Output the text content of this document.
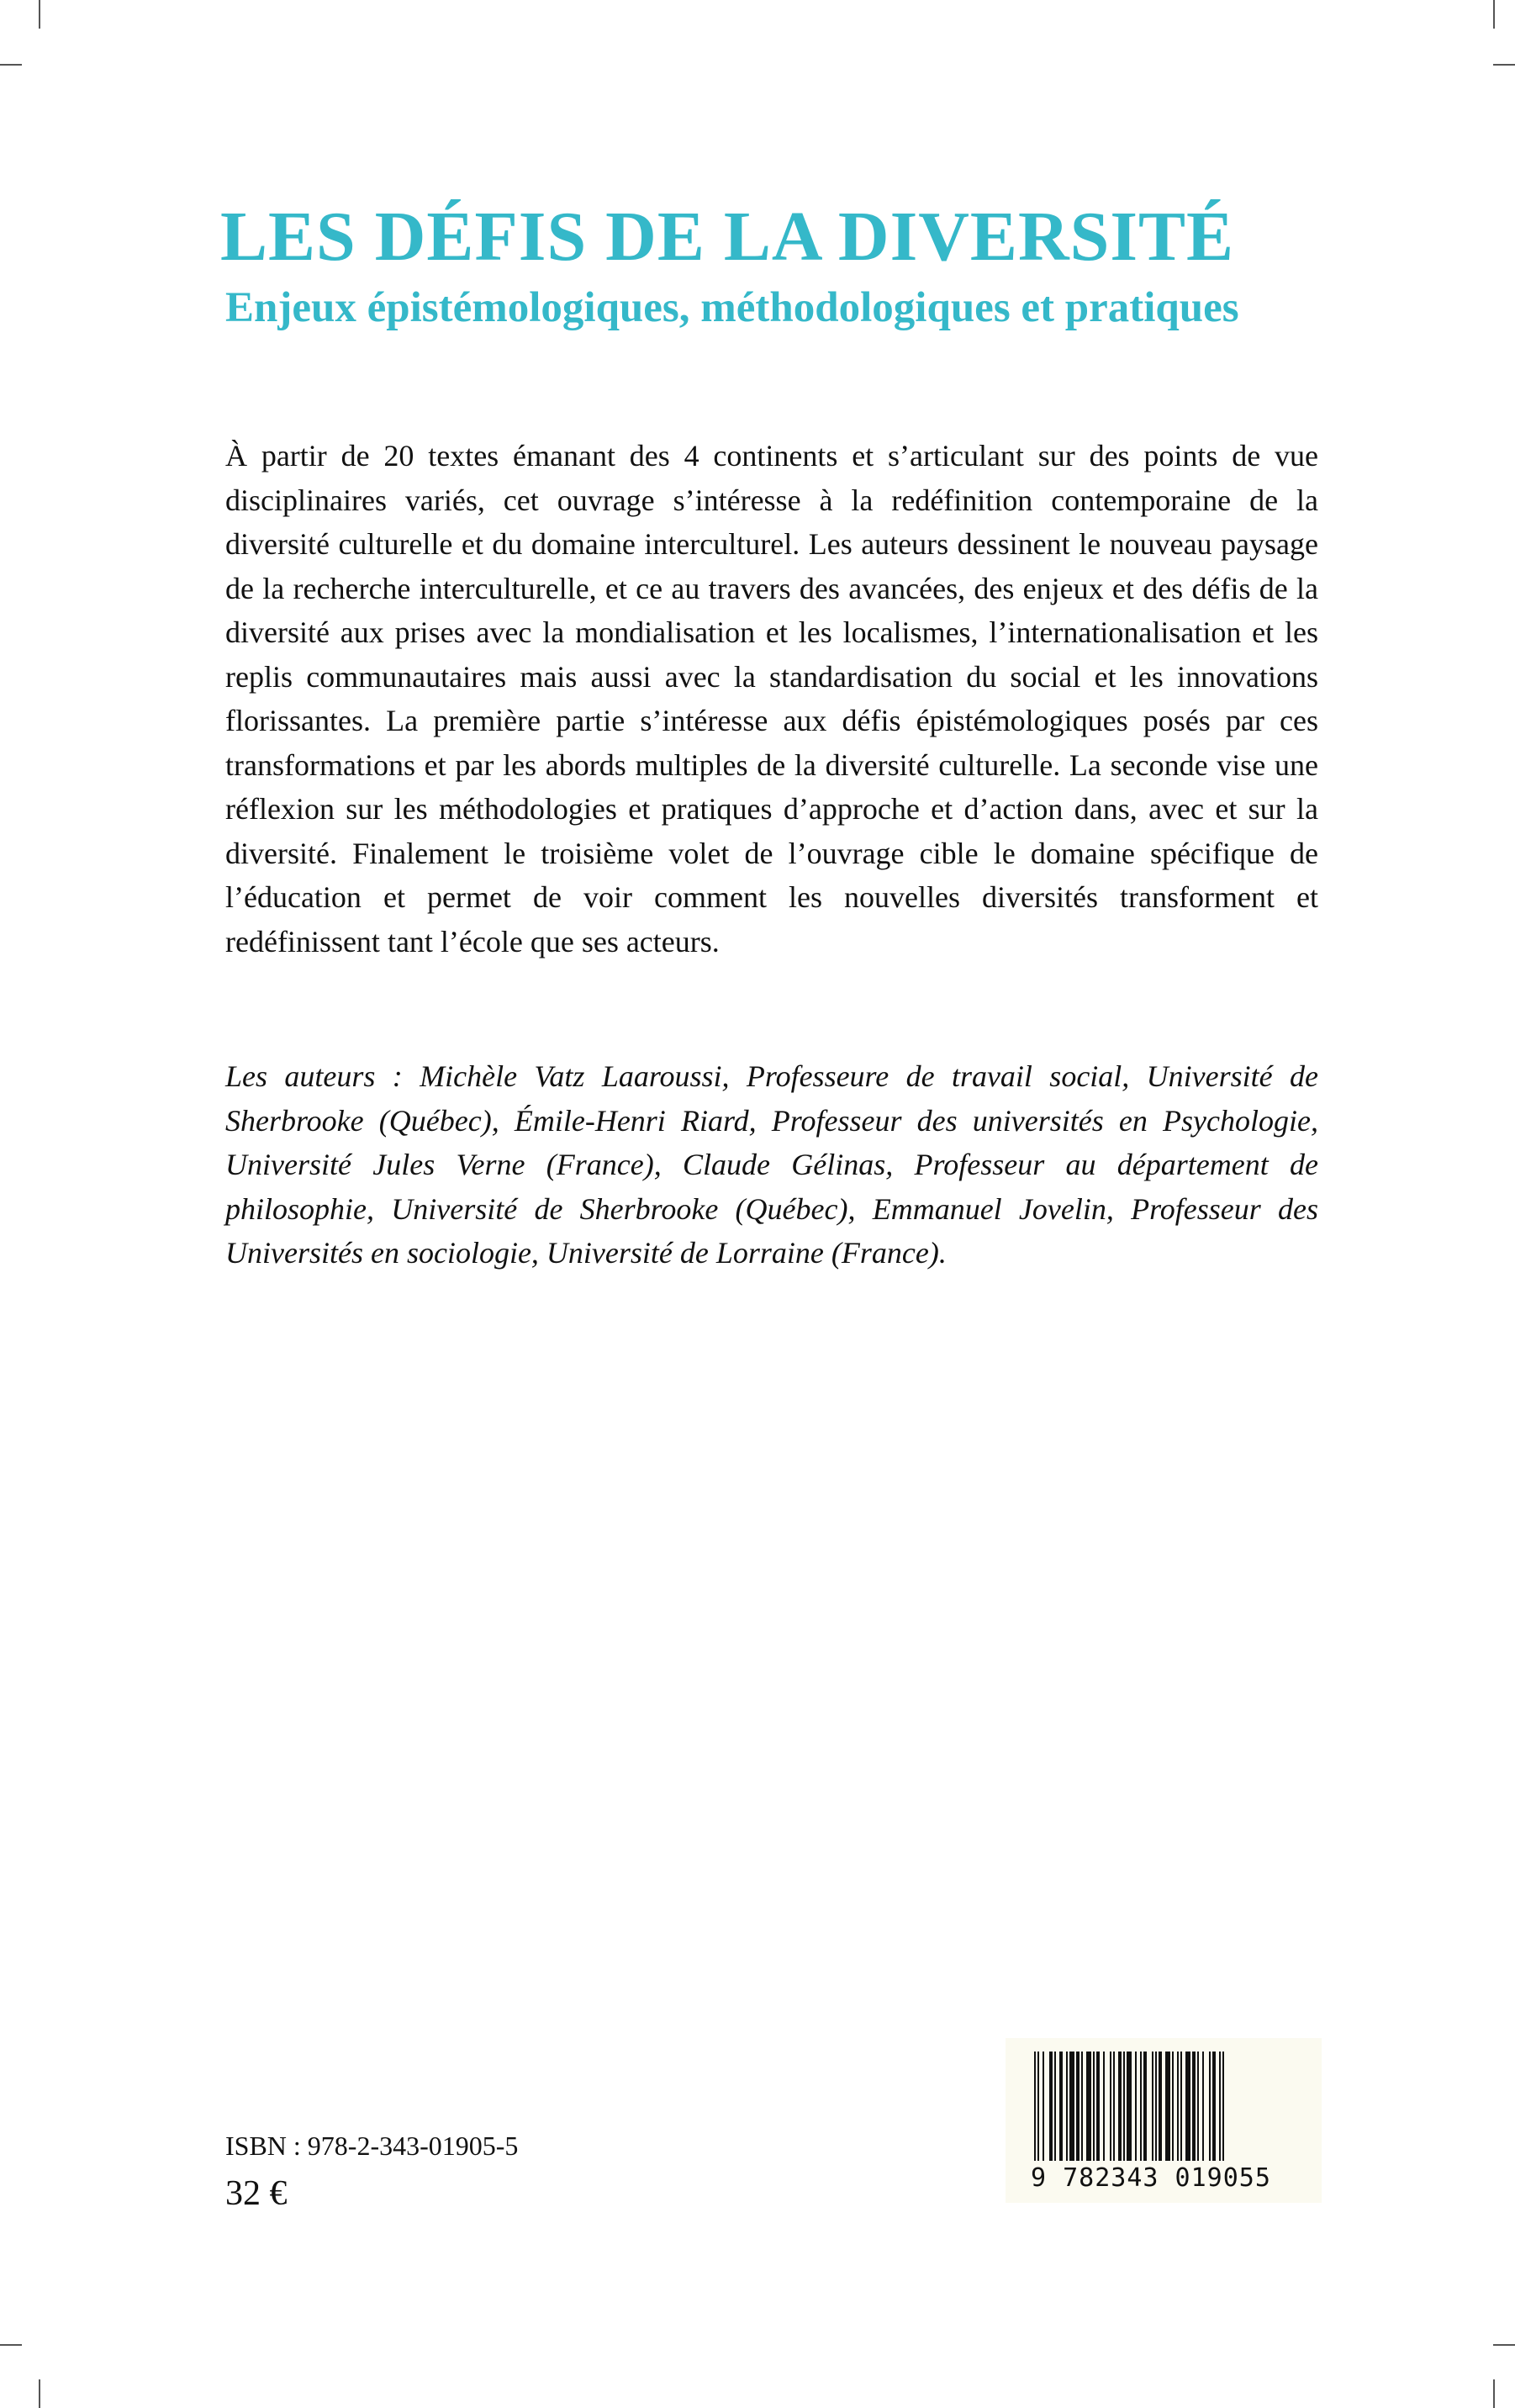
LES DÉFIS DE LA DIVERSITÉ
Enjeux épistémologiques, méthodologiques et pratiques

À partir de 20 textes émanant des 4 continents et s’articulant sur des points de vue disciplinaires variés, cet ouvrage s’intéresse à la redéfinition contemporaine de la diversité culturelle et du domaine interculturel. Les auteurs dessinent le nouveau paysage de la recherche interculturelle, et ce au travers des avancées, des enjeux et des défis de la diversité aux prises avec la mondialisation et les localismes, l’internationalisation et les replis communautaires mais aussi avec la standardisation du social et les innovations florissantes. La première partie s’intéresse aux défis épistémologiques posés par ces transformations et par les abords multiples de la diversité culturelle. La seconde vise une réflexion sur les méthodologies et pratiques d’approche et d’action dans, avec et sur la diversité. Finalement le troisième volet de l’ouvrage cible le domaine spécifique de l’éducation et permet de voir comment les nouvelles diversités transforment et redéfinissent tant l’école que ses acteurs.

Les auteurs : Michèle Vatz Laaroussi, Professeure de travail social, Université de Sherbrooke (Québec), Émile-Henri Riard, Professeur des universités en Psychologie, Université Jules Verne (France), Claude Gélinas, Professeur au département de philosophie, Université de Sherbrooke (Québec), Emmanuel Jovelin, Professeur des Universités en sociologie, Université de Lorraine (France).

ISBN : 978-2-343-01905-5
32 €	9 782343 019055
